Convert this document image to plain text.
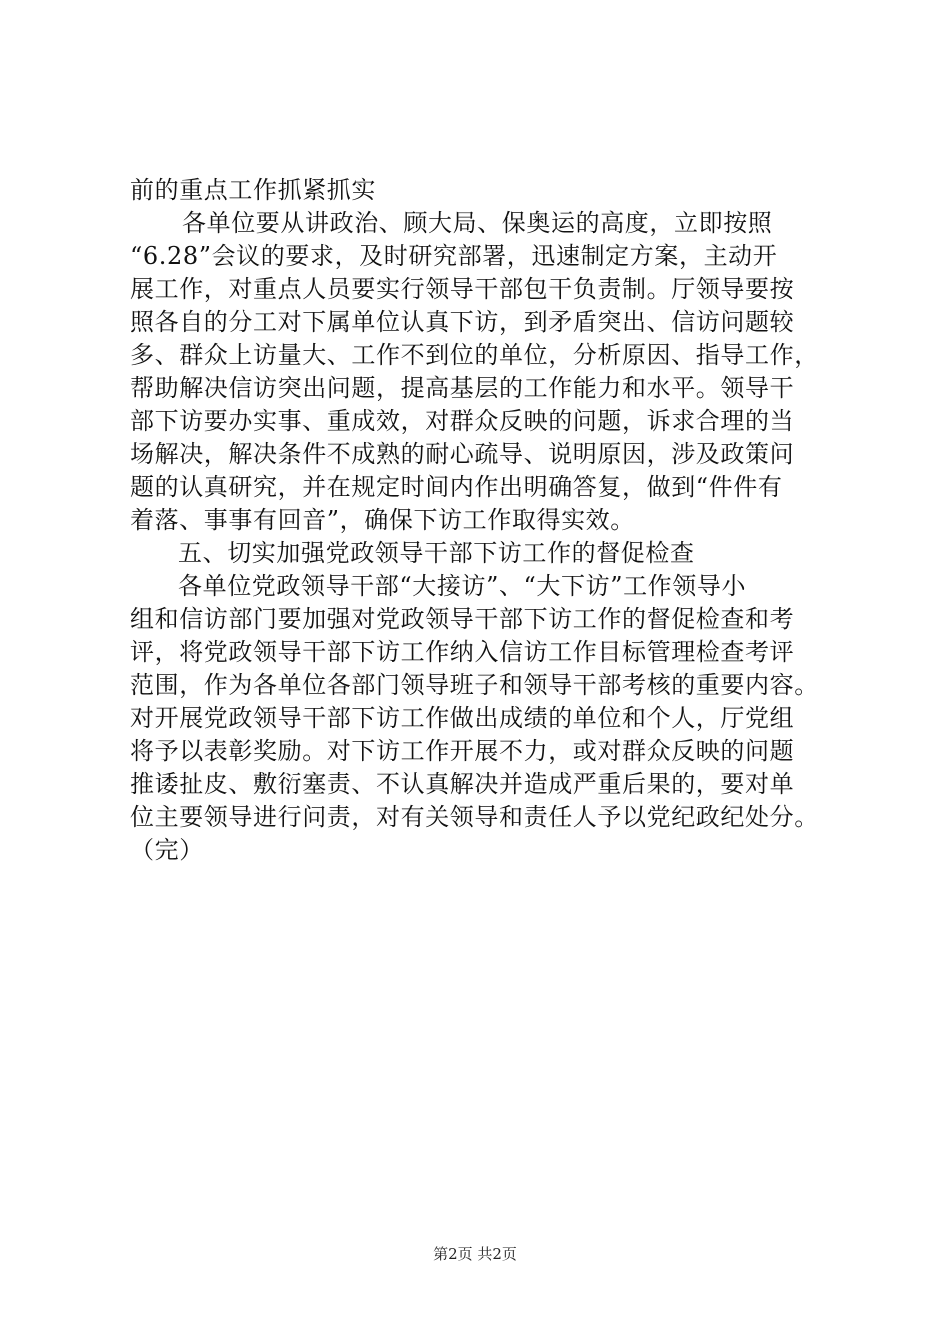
前的重点工作抓紧抓实
各单位要从讲政治、顾大局、保奥运的高度，立即按照
“6.28”会议的要求，及时研究部署，迅速制定方案，主动开
展工作，对重点人员要实行领导干部包干负责制。厅领导要按
照各自的分工对下属单位认真下访，到矛盾突出、信访问题较
多、群众上访量大、工作不到位的单位，分析原因、指导工作，
帮助解决信访突出问题，提高基层的工作能力和水平。领导干
部下访要办实事、重成效，对群众反映的问题，诉求合理的当
场解决，解决条件不成熟的耐心疏导、说明原因，涉及政策问
题的认真研究，并在规定时间内作出明确答复，做到“件件有
着落、事事有回音”，确保下访工作取得实效。
五、切实加强党政领导干部下访工作的督促检查
各单位党政领导干部“大接访”、“大下访”工作领导小
组和信访部门要加强对党政领导干部下访工作的督促检查和考
评，将党政领导干部下访工作纳入信访工作目标管理检查考评
范围，作为各单位各部门领导班子和领导干部考核的重要内容。
对开展党政领导干部下访工作做出成绩的单位和个人，厅党组
将予以表彰奖励。对下访工作开展不力，或对群众反映的问题
推诿扯皮、敷衍塞责、不认真解决并造成严重后果的，要对单
位主要领导进行问责，对有关领导和责任人予以党纪政纪处分。
（完）
第2页 共2页
